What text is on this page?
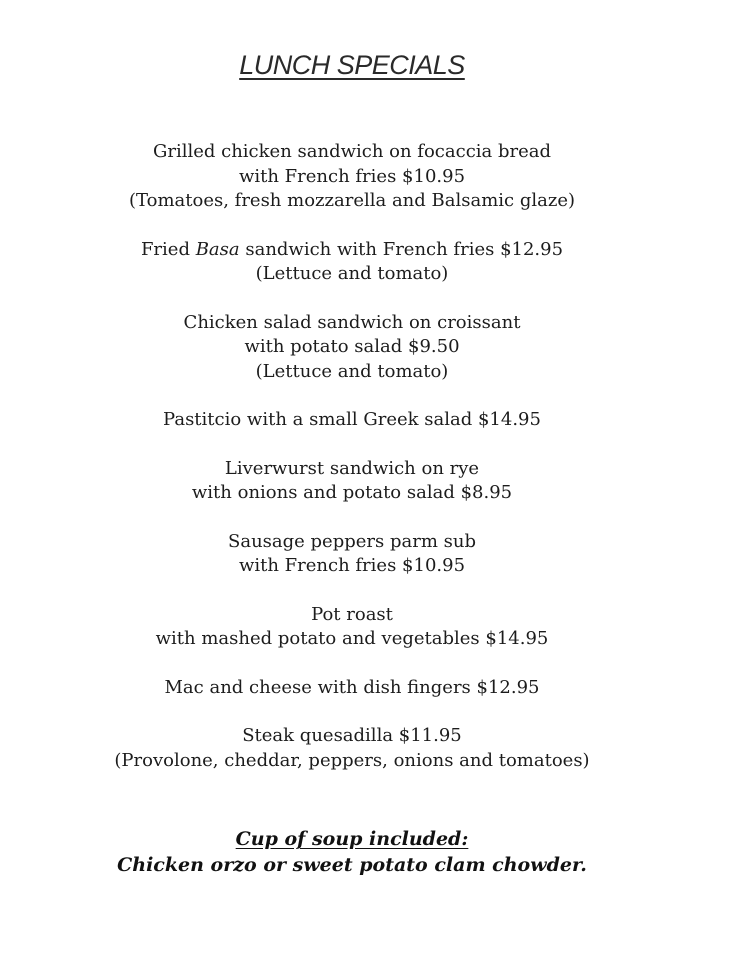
LUNCH SPECIALS
Grilled chicken sandwich on focaccia bread
with French fries $10.95
(Tomatoes, fresh mozzarella and Balsamic glaze)
Fried Basa sandwich with French fries $12.95
(Lettuce and tomato)
Chicken salad sandwich on croissant
with potato salad $9.50
(Lettuce and tomato)
Pastitcio with a small Greek salad $14.95
Liverwurst sandwich on rye
with onions and potato salad $8.95
Sausage peppers parm sub
with French fries $10.95
Pot roast
with mashed potato and vegetables $14.95
Mac and cheese with dish fingers $12.95
Steak quesadilla $11.95
(Provolone, cheddar, peppers, onions and tomatoes)
Cup of soup included:
Chicken orzo or sweet potato clam chowder.
